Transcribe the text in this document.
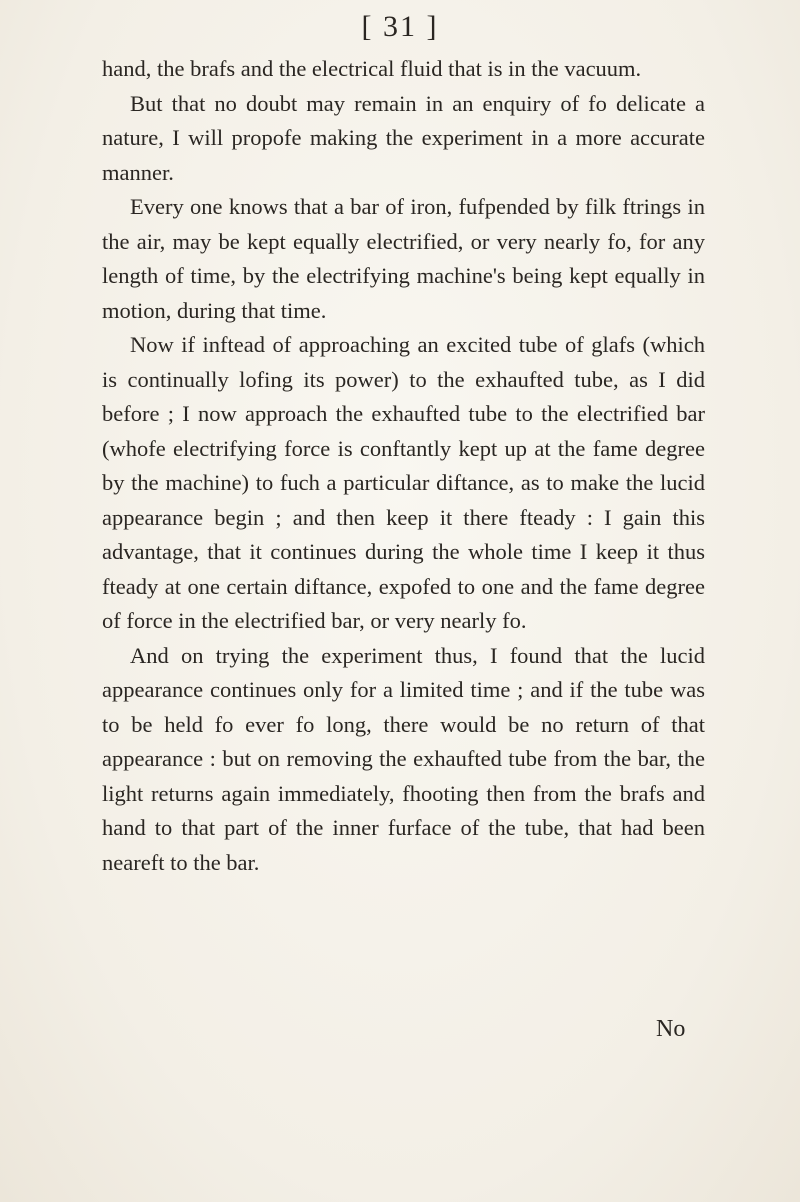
[ 31 ]

hand, the brafs and the electrical fluid that is in the vacuum.

But that no doubt may remain in an enquiry of fo delicate a nature, I will propofe making the experiment in a more accurate manner.

Every one knows that a bar of iron, fufpended by filk ftrings in the air, may be kept equally electrified, or very nearly fo, for any length of time, by the electrifying machine's being kept equally in motion, during that time.

Now if inftead of approaching an excited tube of glafs (which is continually lofing its power) to the exhaufted tube, as I did before ; I now approach the exhaufted tube to the electrified bar (whofe electrifying force is conftantly kept up at the fame degree by the machine) to fuch a particular diftance, as to make the lucid appearance begin ; and then keep it there fteady : I gain this advantage, that it continues during the whole time I keep it thus fteady at one certain diftance, expofed to one and the fame degree of force in the electrified bar, or very nearly fo.

And on trying the experiment thus, I found that the lucid appearance continues only for a limited time ; and if the tube was to be held fo ever fo long, there would be no return of that appearance : but on removing the exhaufted tube from the bar, the light returns again immediately, fhooting then from the brafs and hand to that part of the inner furface of the tube, that had been neareft to the bar.

No
